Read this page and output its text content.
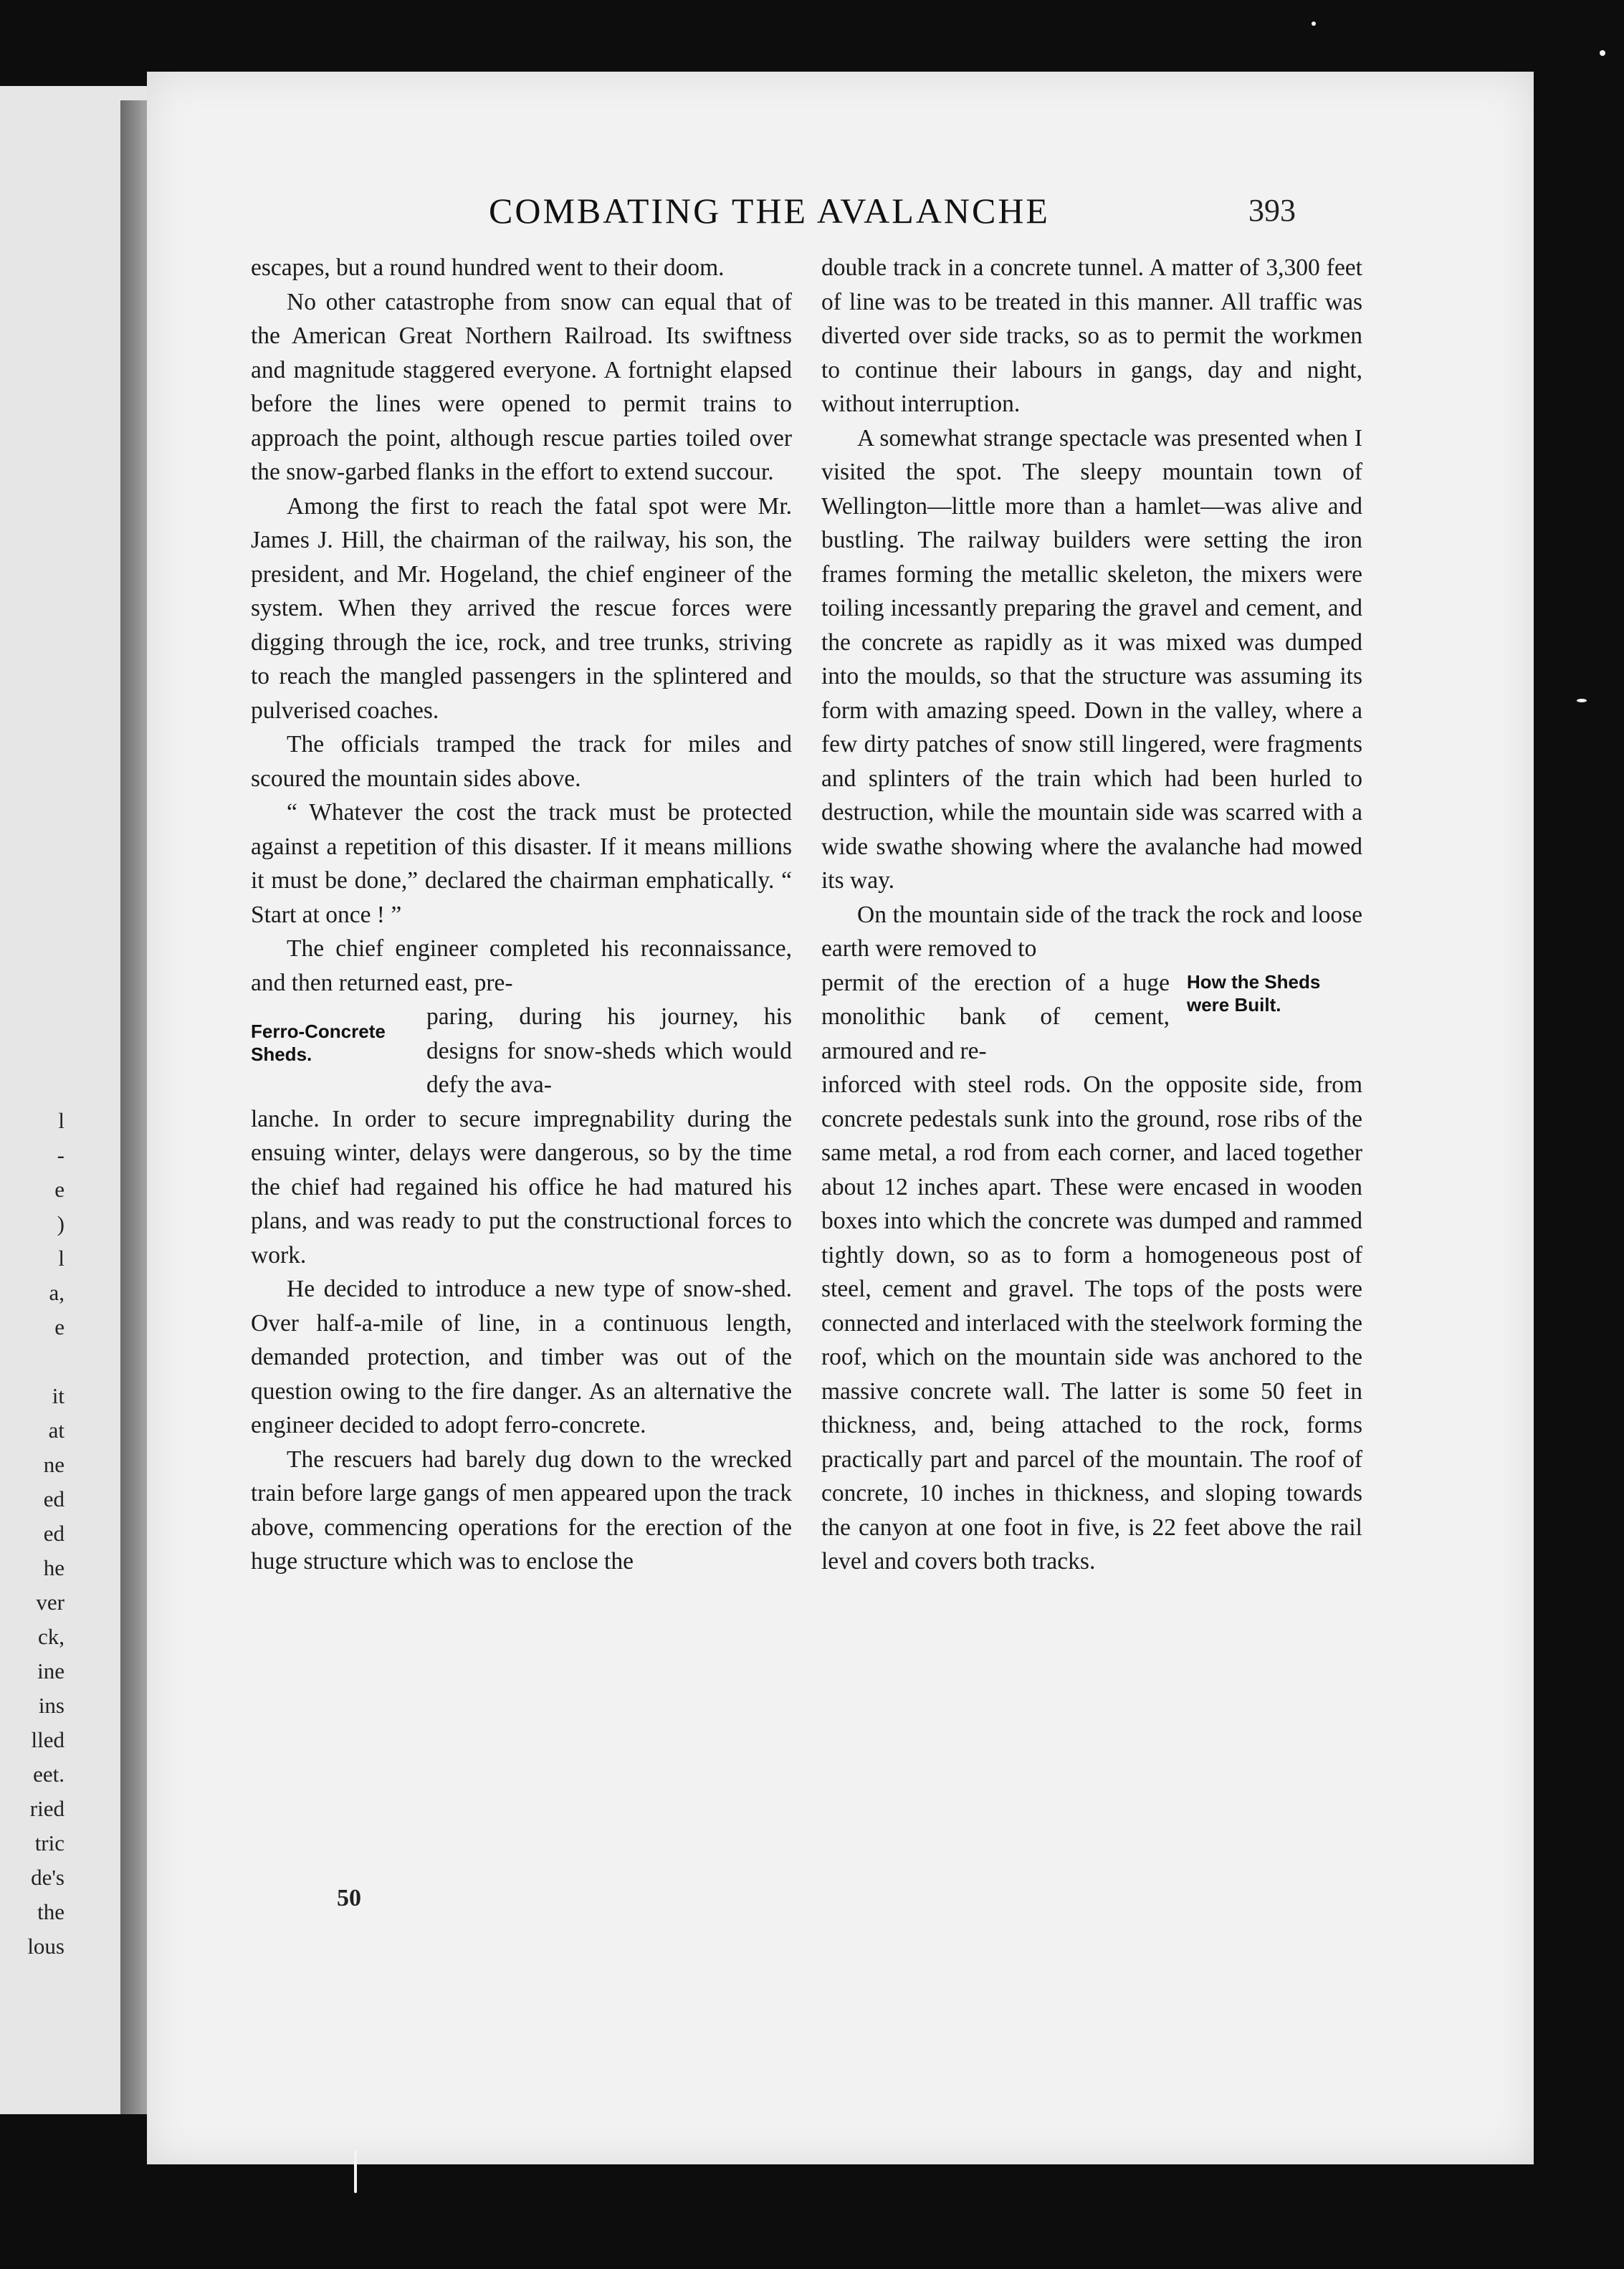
l
-
e
)
l
a,
e
it
at
ne
ed
ed
he
ver
ck,
ine
ins
lled
eet.
ried
tric
de's
the
lous
COMBATING THE AVALANCHE	393

escapes, but a round hundred went to their doom.

No other catastrophe from snow can equal that of the American Great Northern Railroad. Its swiftness and magnitude staggered everyone. A fortnight elapsed before the lines were opened to permit trains to approach the point, although rescue parties toiled over the snow-garbed flanks in the effort to extend succour.

Among the first to reach the fatal spot were Mr. James J. Hill, the chairman of the railway, his son, the president, and Mr. Hogeland, the chief engineer of the system. When they arrived the rescue forces were digging through the ice, rock, and tree trunks, striving to reach the mangled passengers in the splintered and pulverised coaches.

The officials tramped the track for miles and scoured the mountain sides above.

“ Whatever the cost the track must be protected against a repetition of this disaster. If it means millions it must be done,” declared the chairman emphatically. “ Start at once ! ”

The chief engineer completed his reconnaissance, and then returned east, pre-

Ferro-Concrete Sheds.

paring, during his journey, his designs for snow-sheds which would defy the ava-

lanche. In order to secure impregnability during the ensuing winter, delays were dangerous, so by the time the chief had regained his office he had matured his plans, and was ready to put the constructional forces to work.

He decided to introduce a new type of snow-shed. Over half-a-mile of line, in a continuous length, demanded protection, and timber was out of the question owing to the fire danger. As an alternative the engineer decided to adopt ferro-concrete.

The rescuers had barely dug down to the wrecked train before large gangs of men appeared upon the track above, commencing operations for the erection of the huge structure which was to enclose the

double track in a concrete tunnel. A matter of 3,300 feet of line was to be treated in this manner. All traffic was diverted over side tracks, so as to permit the workmen to continue their labours in gangs, day and night, without interruption.

A somewhat strange spectacle was presented when I visited the spot. The sleepy mountain town of Wellington—little more than a hamlet—was alive and bustling. The railway builders were setting the iron frames forming the metallic skeleton, the mixers were toiling incessantly preparing the gravel and cement, and the concrete as rapidly as it was mixed was dumped into the moulds, so that the structure was assuming its form with amazing speed. Down in the valley, where a few dirty patches of snow still lingered, were fragments and splinters of the train which had been hurled to destruction, while the mountain side was scarred with a wide swathe showing where the avalanche had mowed its way.

On the mountain side of the track the rock and loose earth were removed to

permit of the erection of a huge monolithic bank of cement, armoured and re-

How the Sheds were Built.

inforced with steel rods. On the opposite side, from concrete pedestals sunk into the ground, rose ribs of the same metal, a rod from each corner, and laced together about 12 inches apart. These were encased in wooden boxes into which the concrete was dumped and rammed tightly down, so as to form a homogeneous post of steel, cement and gravel. The tops of the posts were connected and interlaced with the steelwork forming the roof, which on the mountain side was anchored to the massive concrete wall. The latter is some 50 feet in thickness, and, being attached to the rock, forms practically part and parcel of the mountain. The roof of concrete, 10 inches in thickness, and sloping towards the canyon at one foot in five, is 22 feet above the rail level and covers both tracks.

50
